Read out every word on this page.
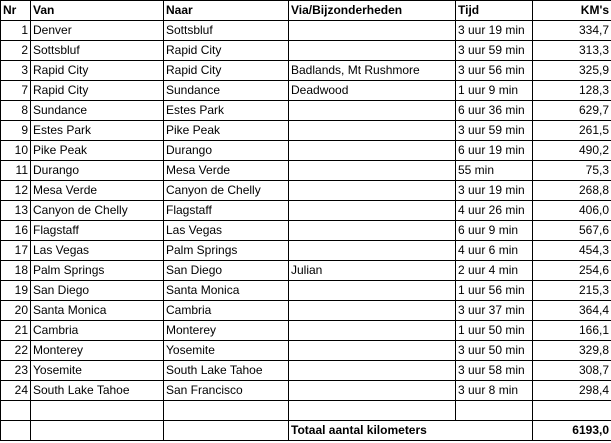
Nr	Van	Naar	Via/Bijzonderheden	Tijd	KM's
1	Denver	Sottsbluf		3 uur 19 min	334,7
2	Sottsbluf	Rapid City		3 uur 59 min	313,3
3	Rapid City	Rapid City	Badlands, Mt Rushmore	3 uur 56 min	325,9
7	Rapid City	Sundance	Deadwood	1 uur 9 min	128,3
8	Sundance	Estes Park		6 uur 36 min	629,7
9	Estes Park	Pike Peak		3 uur 59 min	261,5
10	Pike Peak	Durango		6 uur 19 min	490,2
11	Durango	Mesa Verde		55 min	75,3
12	Mesa Verde	Canyon de Chelly		3 uur 19 min	268,8
13	Canyon de Chelly	Flagstaff		4 uur 26 min	406,0
16	Flagstaff	Las Vegas		6 uur 9 min	567,6
17	Las Vegas	Palm Springs		4 uur 6 min	454,3
18	Palm Springs	San Diego	Julian	2 uur 4 min	254,6
19	San Diego	Santa Monica		1 uur 56 min	215,3
20	Santa Monica	Cambria		3 uur 37 min	364,4
21	Cambria	Monterey		1 uur 50 min	166,1
22	Monterey	Yosemite		3 uur 50 min	329,8
23	Yosemite	South Lake Tahoe		3 uur 58 min	308,7
24	South Lake Tahoe	San Francisco		3 uur 8 min	298,4

			Totaal aantal kilometers		6193,0
